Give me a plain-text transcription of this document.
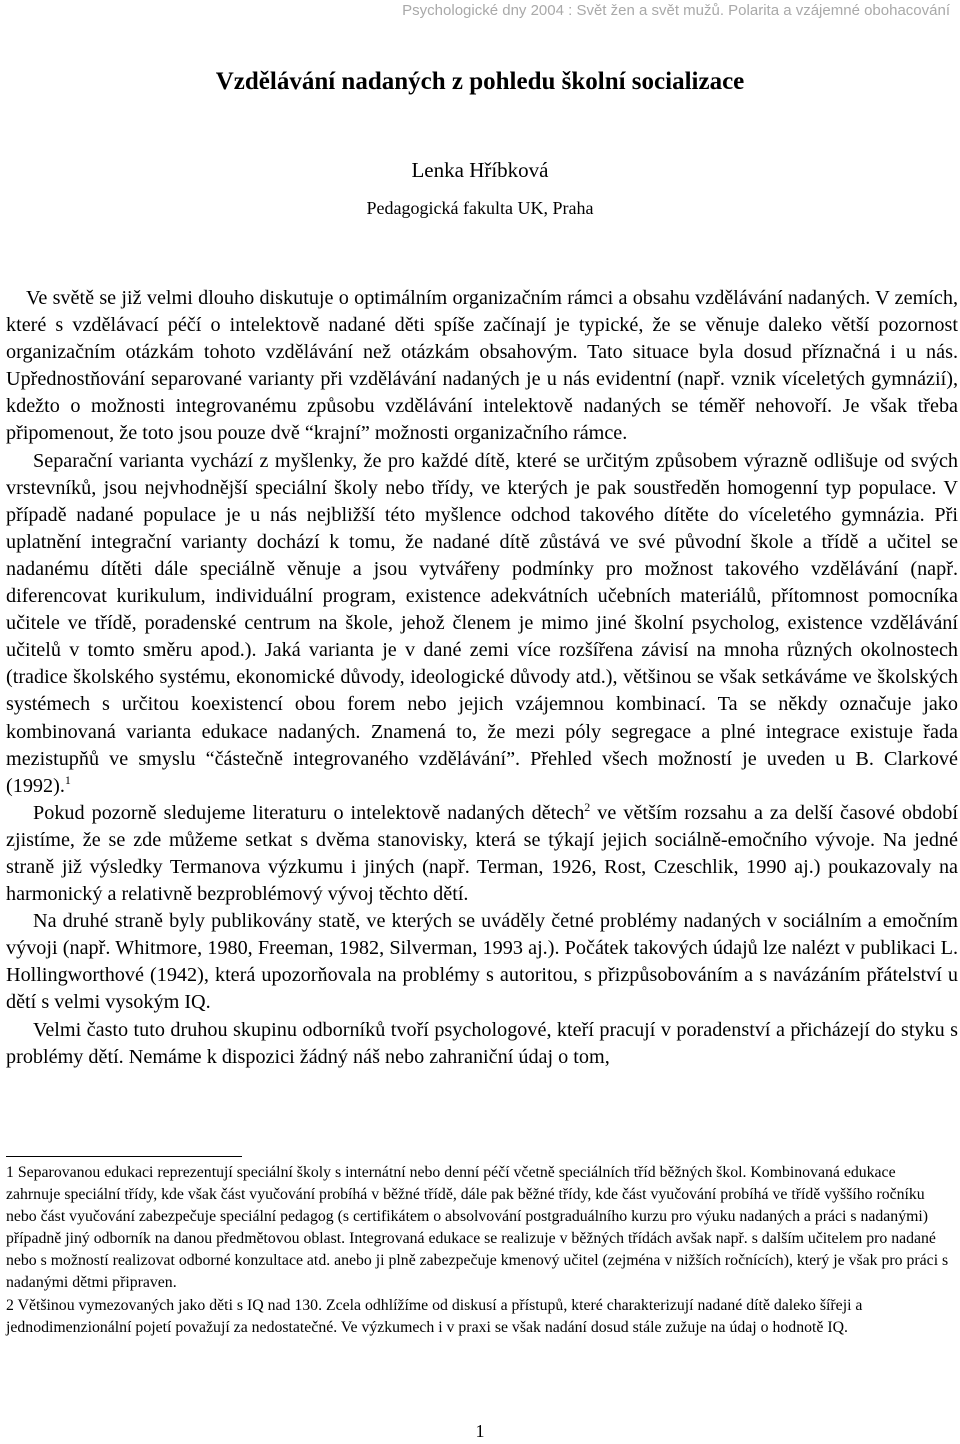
Psychologické dny 2004 : Svět žen a svět mužů. Polarita a vzájemné obohacování
Vzdělávání nadaných z pohledu školní socializace
Lenka Hříbková
Pedagogická fakulta UK, Praha

Ve světě se již velmi dlouho diskutuje o optimálním organizačním rámci a obsahu vzdělávání nadaných. V zemích, které s vzdělávací péčí o intelektově nadané děti spíše začínají je typické, že se věnuje daleko větší pozornost organizačním otázkám tohoto vzdělávání než otázkám obsahovým. Tato situace byla dosud příznačná i u nás. Upřednostňování separované varianty při vzdělávání nadaných je u nás evidentní (např. vznik víceletých gymnázií), kdežto o možnosti integrovanému způsobu vzdělávání intelektově nadaných se téměř nehovoří. Je však třeba připomenout, že toto jsou pouze dvě “krajní” možnosti organizačního rámce.

Separační varianta vychází z myšlenky, že pro každé dítě, které se určitým způsobem výrazně odlišuje od svých vrstevníků, jsou nejvhodnější speciální školy nebo třídy, ve kterých je pak soustředěn homogenní typ populace. V případě nadané populace je u nás nejbližší této myšlence odchod takového dítěte do víceletého gymnázia. Při uplatnění integrační varianty dochází k tomu, že nadané dítě zůstává ve své původní škole a třídě a učitel se nadanému dítěti dále speciálně věnuje a jsou vytvářeny podmínky pro možnost takového vzdělávání (např. diferencovat kurikulum, individuální program, existence adekvátních učebních materiálů, přítomnost pomocníka učitele ve třídě, poradenské centrum na škole, jehož členem je mimo jiné školní psycholog, existence vzdělávání učitelů v tomto směru apod.). Jaká varianta je v dané zemi více rozšířena závisí na mnoha různých okolnostech (tradice školského systému, ekonomické důvody, ideologické důvody atd.), většinou se však setkáváme ve školských systémech s určitou koexistencí obou forem nebo jejich vzájemnou kombinací. Ta se někdy označuje jako kombinovaná varianta edukace nadaných. Znamená to, že mezi póly segregace a plné integrace existuje řada mezistupňů ve smyslu “částečně integrovaného vzdělávání”. Přehled všech možností je uveden u B. Clarkové (1992).$^1$

Pokud pozorně sledujeme literaturu o intelektově nadaných dětech$^2$ ve větším rozsahu a za delší časové období zjistíme, že se zde můžeme setkat s dvěma stanovisky, která se týkají jejich sociálně-emočního vývoje. Na jedné straně již výsledky Termanova výzkumu i jiných (např. Terman, 1926, Rost, Czeschlik, 1990 aj.) poukazovaly na harmonický a relativně bezproblémový vývoj těchto dětí.

Na druhé straně byly publikovány statě, ve kterých se uváděly četné problémy nadaných v sociálním a emočním vývoji (např. Whitmore, 1980, Freeman, 1982, Silverman, 1993 aj.). Počátek takových údajů lze nalézt v publikaci L. Hollingworthové (1942), která upozorňovala na problémy s autoritou, s přizpůsobováním a s navázáním přátelství u dětí s velmi vysokým IQ.

Velmi často tuto druhou skupinu odborníků tvoří psychologové, kteří pracují v poradenství a přicházejí do styku s problémy dětí. Nemáme k dispozici žádný náš nebo zahraniční údaj o tom,

1 Separovanou edukaci reprezentují speciální školy s internátní nebo denní péčí včetně speciálních tříd běžných škol. Kombinovaná edukace zahrnuje speciální třídy, kde však část vyučování probíhá v běžné třídě, dále pak běžné třídy, kde část vyučování probíhá ve třídě vyššího ročníku nebo část vyučování zabezpečuje speciální pedagog (s certifikátem o absolvování postgraduálního kurzu pro výuku nadaných a práci s nadanými) případně jiný odborník na danou předmětovou oblast. Integrovaná edukace se realizuje v běžných třídách avšak např. s dalším učitelem pro nadané nebo s možností realizovat odborné konzultace atd. anebo ji plně zabezpečuje kmenový učitel (zejména v nižších ročnících), který je však pro práci s nadanými dětmi připraven.

2 Většinou vymezovaných jako děti s IQ nad 130. Zcela odhlížíme od diskusí a přístupů, které charakterizují nadané dítě daleko šířeji a jednodimenzionální pojetí považují za nedostatečné. Ve výzkumech i v praxi se však nadání dosud stále zužuje na údaj o hodnotě IQ.

1
